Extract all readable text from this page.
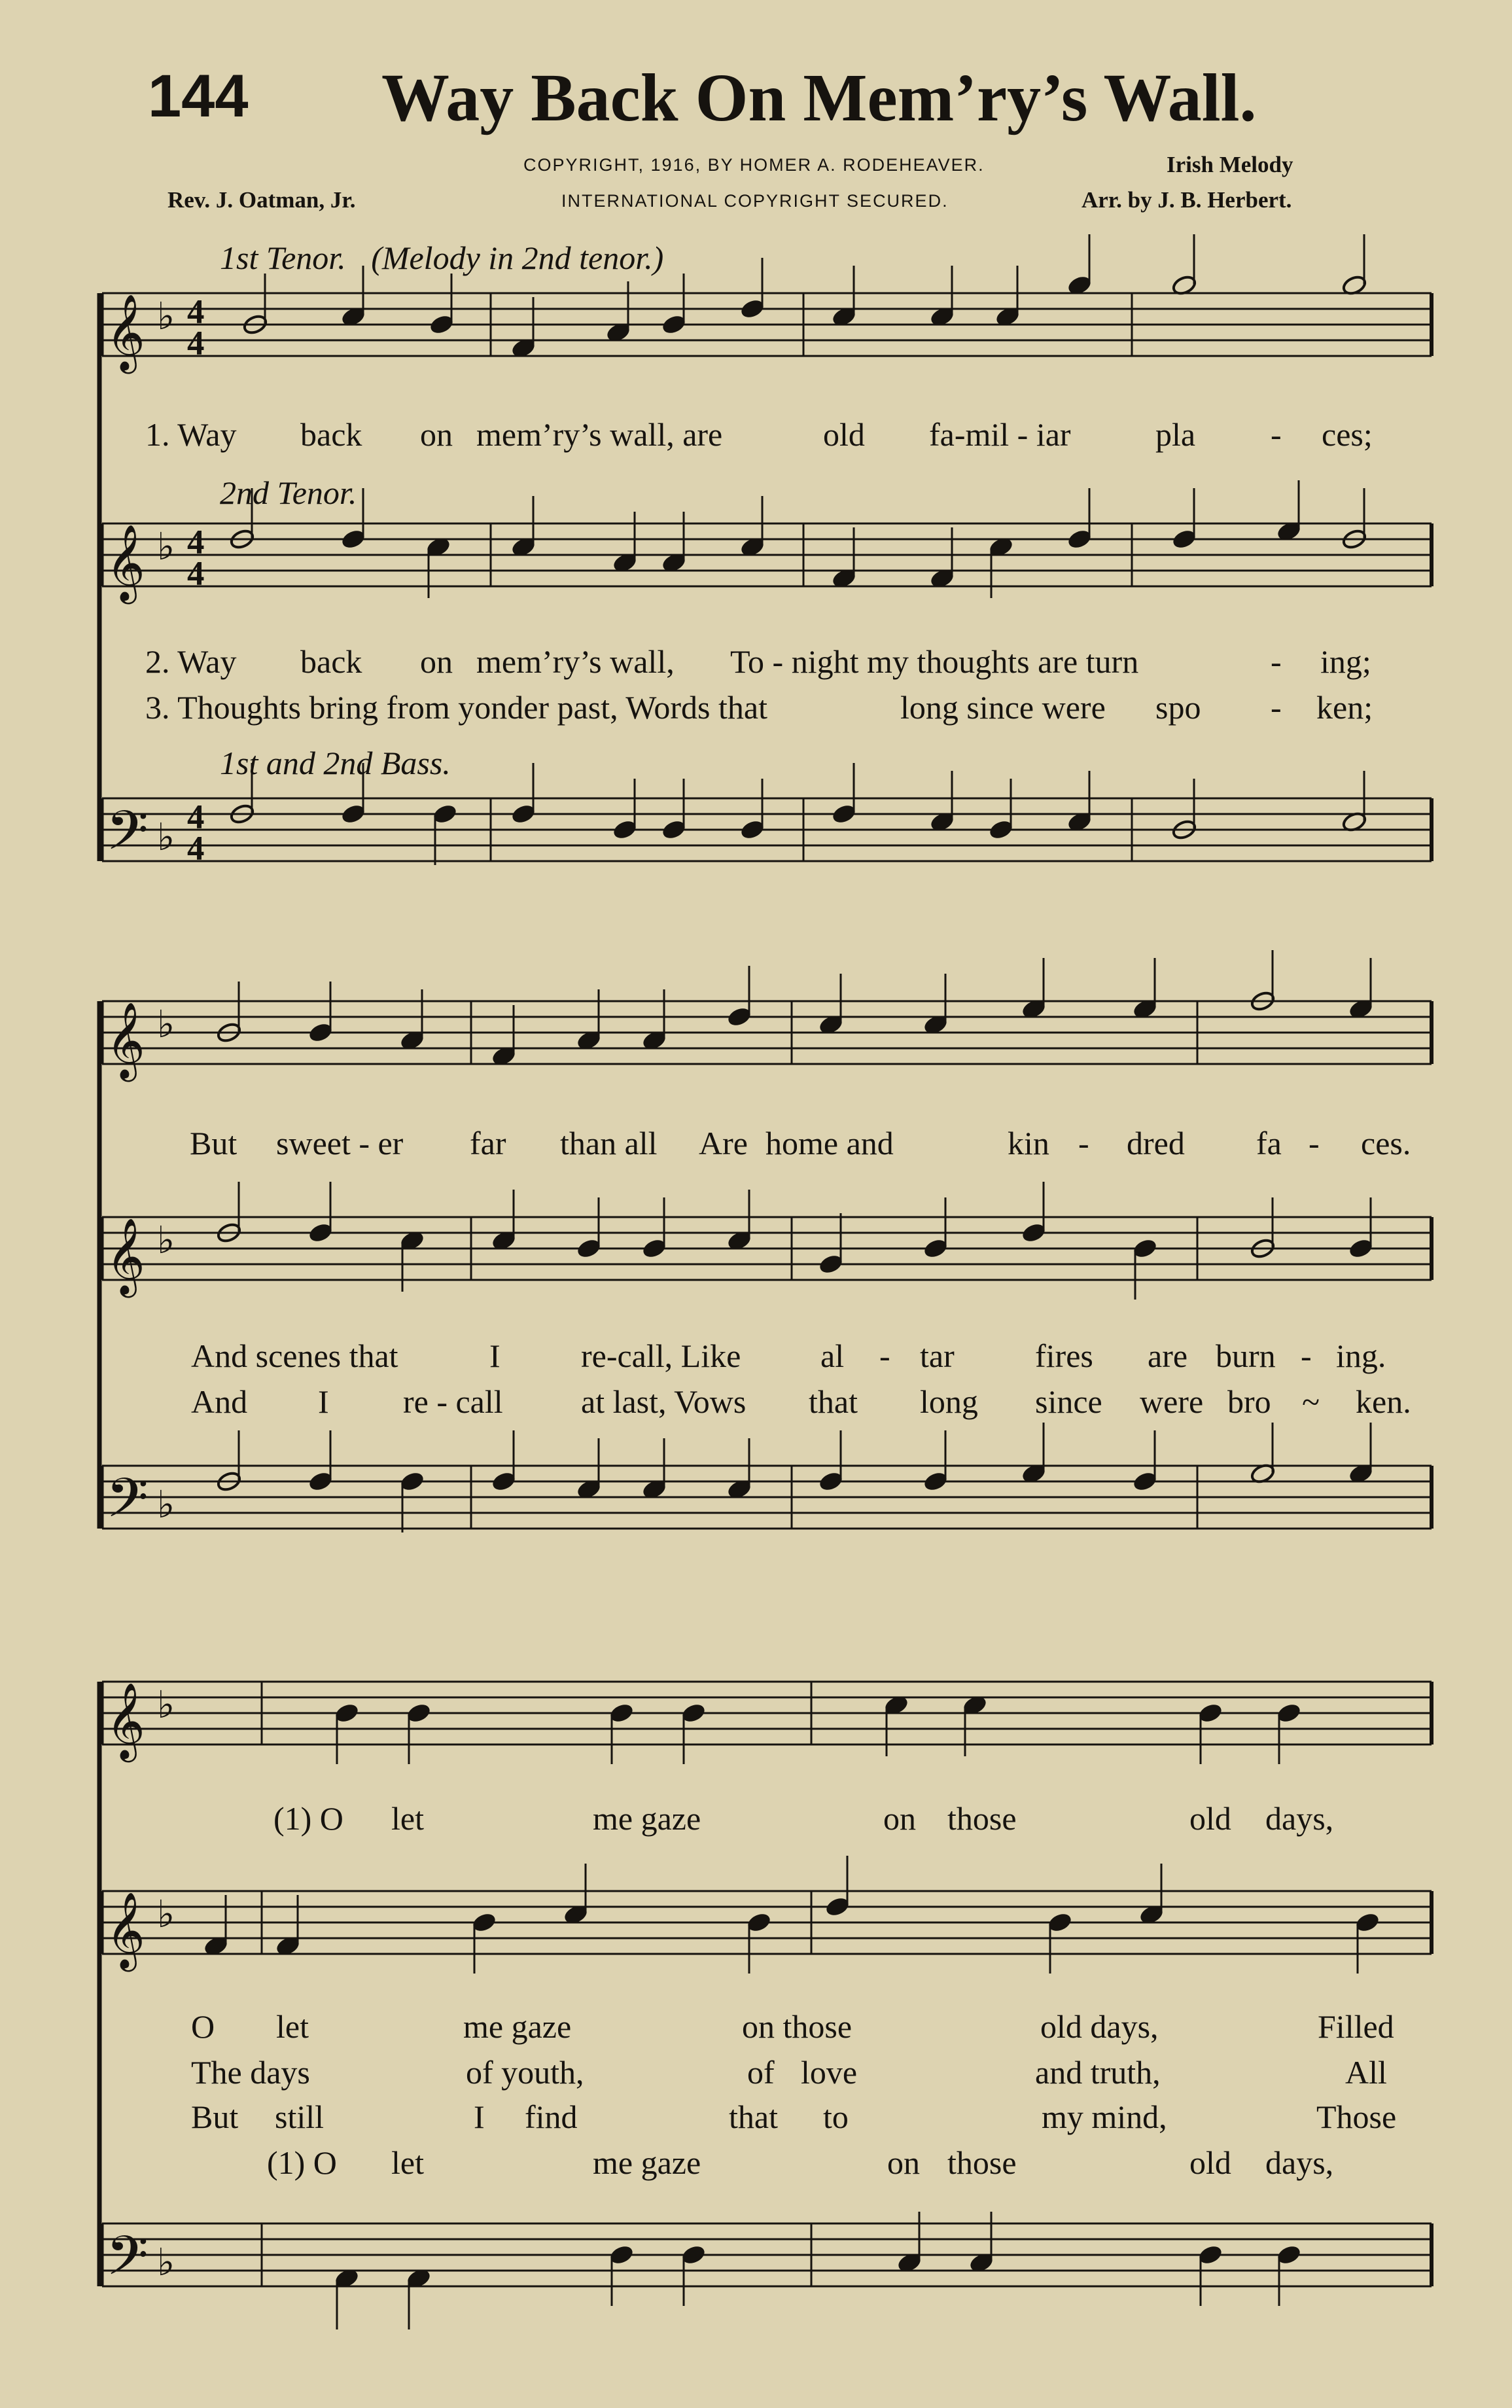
144 Way Back On Mem’ry’s Wall.
COPYRIGHT, 1916, BY HOMER A. RODEHEAVER.
INTERNATIONAL COPYRIGHT SECURED.
Rev. J. Oatman, Jr.
Irish Melody
Arr. by J. B. Herbert.
1st Tenor. (Melody in 2nd tenor.)
2nd Tenor.
1st and 2nd Bass.
𝄞 ♭ 4
4
𝄞 ♭ 4
4
𝄢 ♭ 4
4
𝄞 ♭
𝄞 ♭
𝄢 ♭
𝄞 ♭
𝄞 ♭
𝄢 ♭
1. Way back on mem’ry’s wall, are	old fa-mil - iar	pla - ces;
2. Way back on mem’ry’s wall, To - night my thoughts are turn	- ing;
3. Thoughts bring from yonder past, Words that	long since were spo - ken;
But sweet - er far than all Are home and	kin - dred fa - ces.
And scenes that	I re-call, Like al - tar fires are burn - ing.
And I re - call at last, Vows that long since were bro ~ ken.
(1) O let	me gaze	on those	old days,
O let	me gaze	on those	old days,	Filled
The days	of youth,	of love	and truth,	All
But still	I find	that to	my mind,	Those
(1) O let	me gaze	on those	old days,
